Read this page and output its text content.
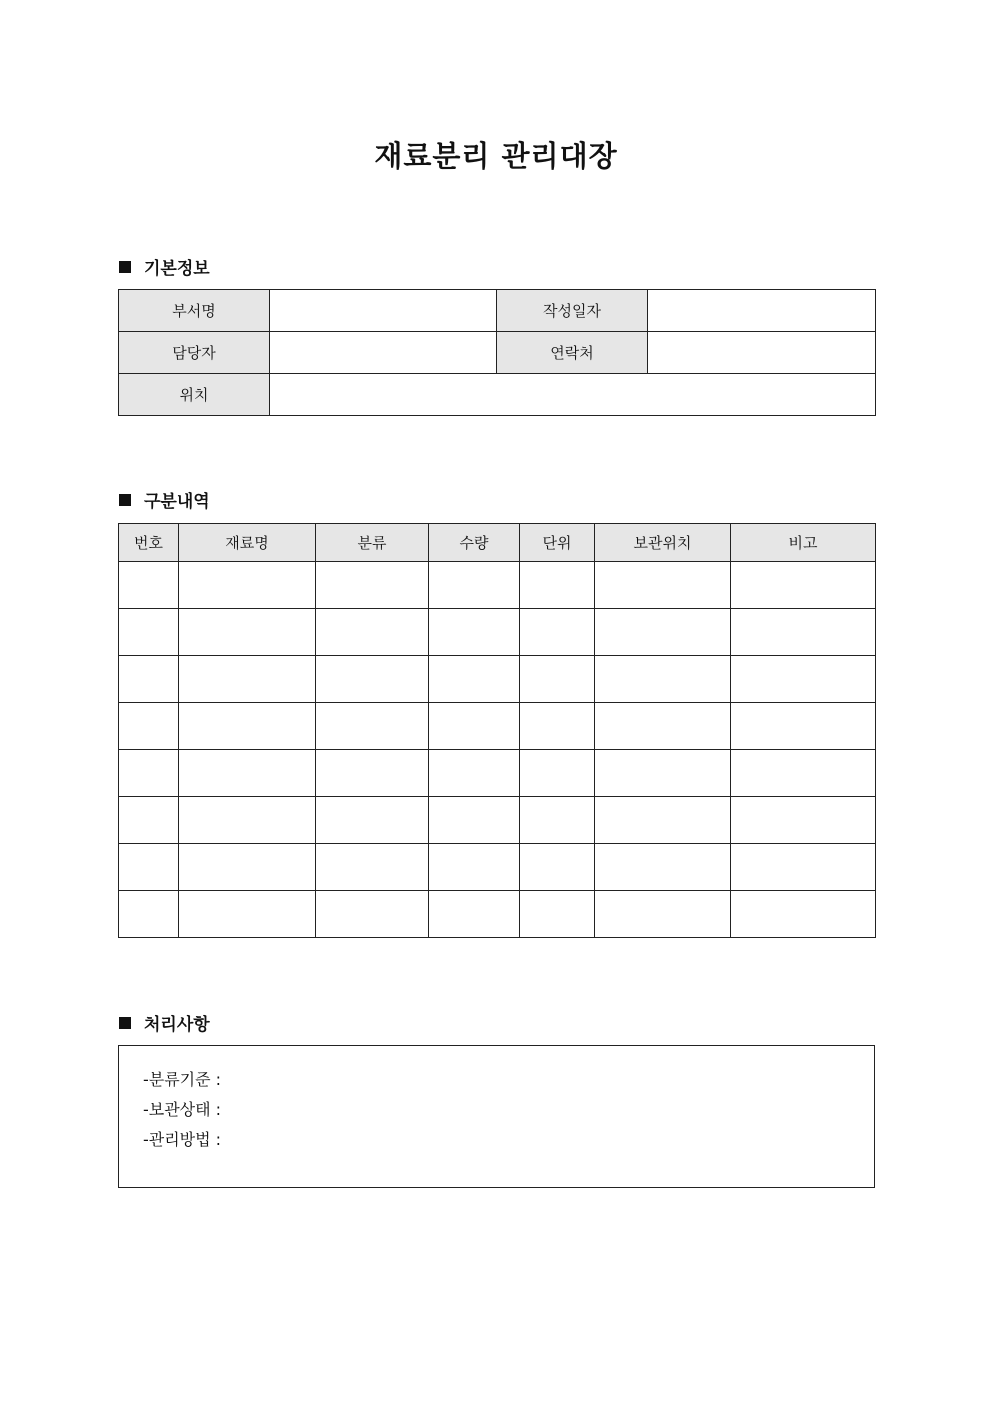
재료분리 관리대장
기본정보
부서명		작성일자	
담당자		연락처	
위치			
구분내역
번호	재료명	분류	수량	단위	보관위치	비고

처리사항
-분류기준 :
-보관상태 :
-관리방법 :
